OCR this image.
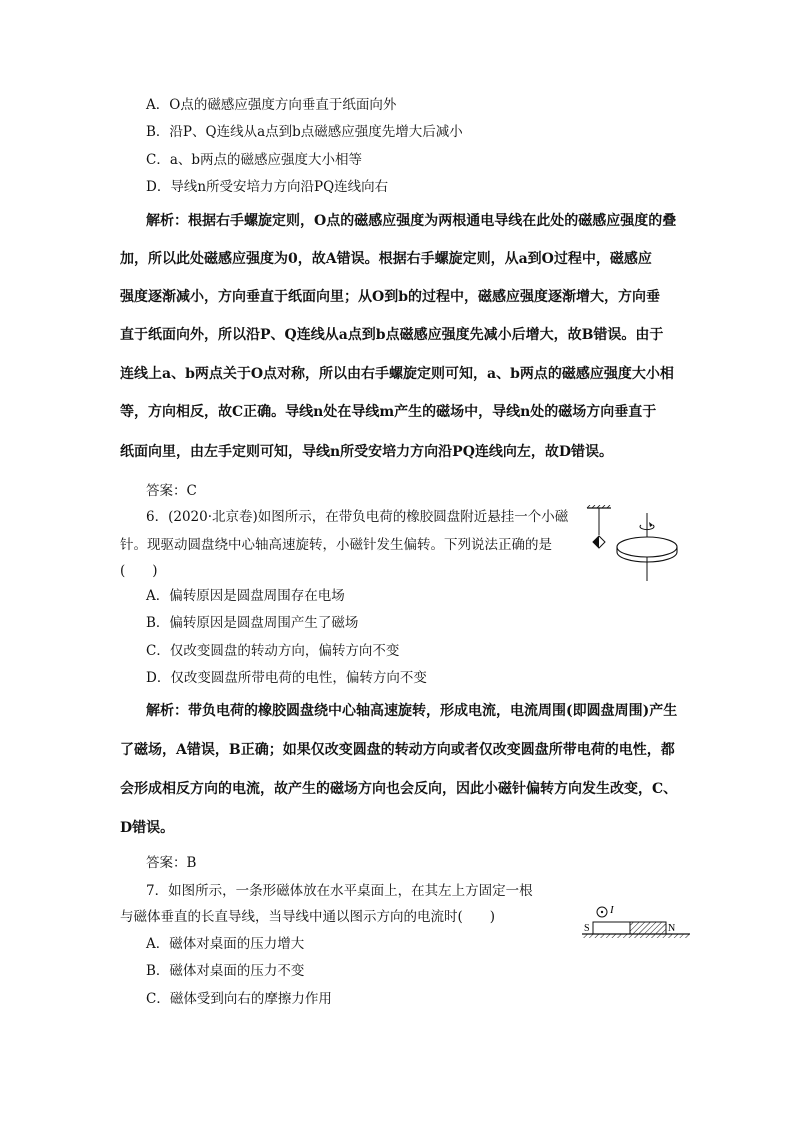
A．O点的磁感应强度方向垂直于纸面向外
B．沿P、Q连线从a点到b点磁感应强度先增大后减小
C．a、b两点的磁感应强度大小相等
D．导线n所受安培力方向沿PQ连线向右
解析：根据右手螺旋定则，O点的磁感应强度为两根通电导线在此处的磁感应强度的叠
加，所以此处磁感应强度为0，故A错误。根据右手螺旋定则，从a到O过程中，磁感应
强度逐渐减小，方向垂直于纸面向里；从O到b的过程中，磁感应强度逐渐增大，方向垂
直于纸面向外，所以沿P、Q连线从a点到b点磁感应强度先减小后增大，故B错误。由于
连线上a、b两点关于O点对称，所以由右手螺旋定则可知，a、b两点的磁感应强度大小相
等，方向相反，故C正确。导线n处在导线m产生的磁场中，导线n处的磁场方向垂直于
纸面向里，由左手定则可知，导线n所受安培力方向沿PQ连线向左，故D错误。
答案：C
6．(2020·北京卷)如图所示，在带负电荷的橡胶圆盘附近悬挂一个小磁
针。现驱动圆盘绕中心轴高速旋转，小磁针发生偏转。下列说法正确的是
(　　)
A．偏转原因是圆盘周围存在电场
B．偏转原因是圆盘周围产生了磁场
C．仅改变圆盘的转动方向，偏转方向不变
D．仅改变圆盘所带电荷的电性，偏转方向不变
解析：带负电荷的橡胶圆盘绕中心轴高速旋转，形成电流，电流周围(即圆盘周围)产生
了磁场，A错误，B正确；如果仅改变圆盘的转动方向或者仅改变圆盘所带电荷的电性，都
会形成相反方向的电流，故产生的磁场方向也会反向，因此小磁针偏转方向发生改变，C、
D错误。
答案：B
7．如图所示，一条形磁体放在水平桌面上，在其左上方固定一根
与磁体垂直的长直导线，当导线中通以图示方向的电流时(　　)	I
S	N
A．磁体对桌面的压力增大
B．磁体对桌面的压力不变
C．磁体受到向右的摩擦力作用
